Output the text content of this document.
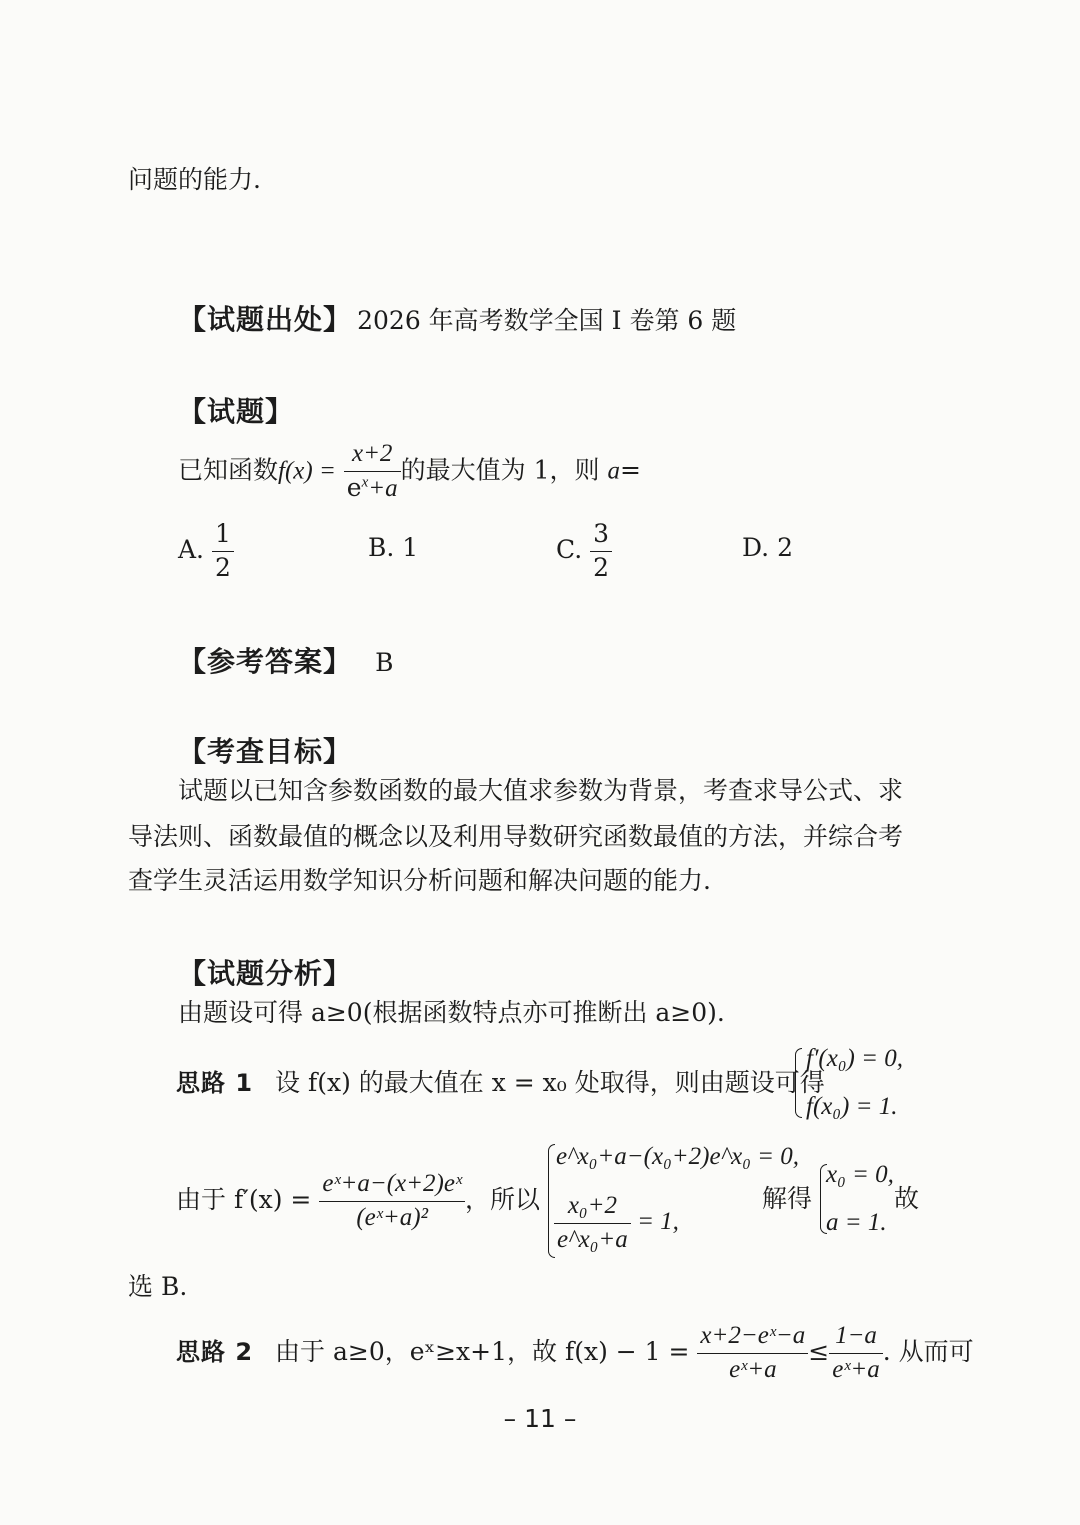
问题的能力.
【试题出处】 2026 年高考数学全国 I 卷第 6 题
【试题】
已知函数$f(x) = \frac{x+2}{e^x+a}$ 的最大值为 1，则 a=
A. $\frac{1}{2}$	B. 1	C. $\frac{3}{2}$	D. 2
【参考答案】 B
【考查目标】
试题以已知含参数函数的最大值求参数为背景，考查求导公式、求
导法则、函数最值的概念以及利用导数研究函数最值的方法，并综合考
查学生灵活运用数学知识分析问题和解决问题的能力.
【试题分析】
由题设可得 a≥0(根据函数特点亦可推断出 a≥0).
思路 1 设 f(x) 的最大值在 x = x₀ 处取得，则由题设可得
f′(x₀) = 0,
f(x₀) = 1.
由于 $f'(x) = \frac{\text{eˣ+a−(x+2)eˣ}}{\text{(eˣ+a)²}}$ ，所以
e^x₀+a−(x₀+2)e^x₀ = 0,
$\frac{\text{x₀+2}}{\text{e\textasciicircum{}x₀+a}} = 1$,
解得
x₀ = 0,
a = 1.
故
选 B.
思路 2 由于 a≥0，eˣ≥x+1，故 $f(x) - 1 = \frac{\text{x+2−eˣ−a}}{\text{eˣ+a}} \le \frac{1-a}{\text{eˣ+a}}$ . 从而可
– 11 –
